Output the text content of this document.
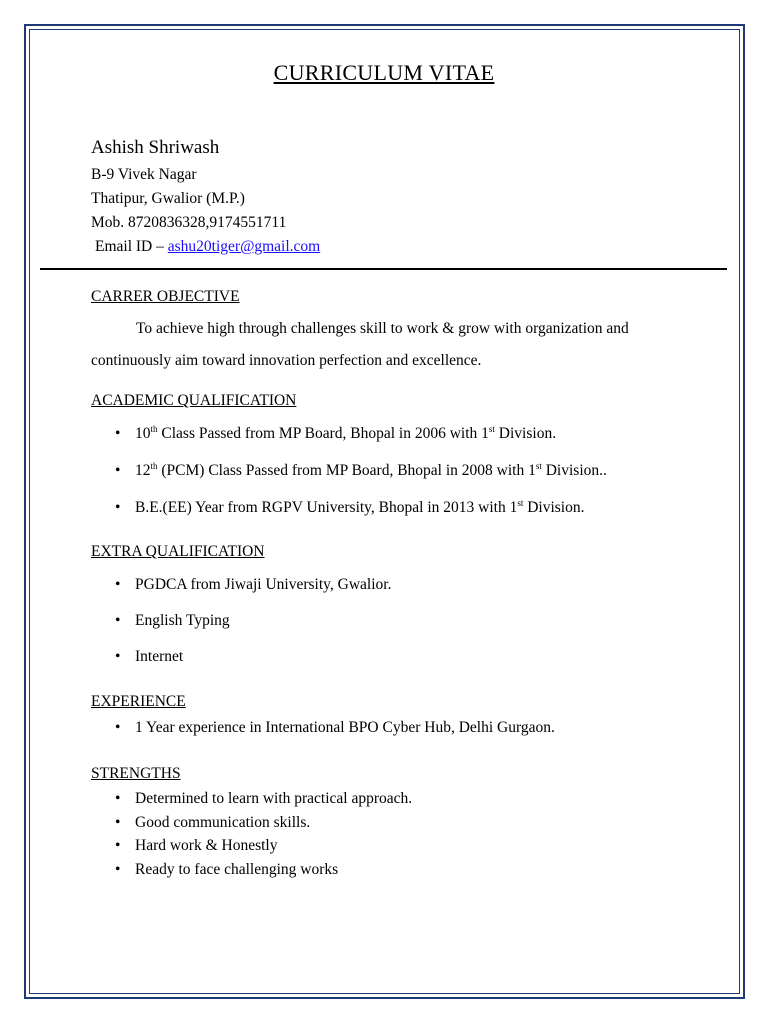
CURRICULUM VITAE
Ashish Shriwash
B-9 Vivek Nagar
Thatipur, Gwalior (M.P.)
Mob. 8720836328,9174551711
Email ID – ashu20tiger@gmail.com
CARRER OBJECTIVE
To achieve high through challenges skill to work & grow with organization and
continuously aim toward innovation perfection and excellence.
ACADEMIC QUALIFICATION
• 10th Class Passed from MP Board, Bhopal in 2006 with 1st Division.
• 12th (PCM) Class Passed from MP Board, Bhopal in 2008 with 1st Division..
• B.E.(EE) Year from RGPV University, Bhopal in 2013 with 1st Division.
EXTRA QUALIFICATION
• PGDCA from Jiwaji University, Gwalior.
• English Typing
• Internet
EXPERIENCE
• 1 Year experience in International BPO Cyber Hub, Delhi Gurgaon.
STRENGTHS
• Determined to learn with practical approach.
• Good communication skills.
• Hard work & Honestly
• Ready to face challenging works
